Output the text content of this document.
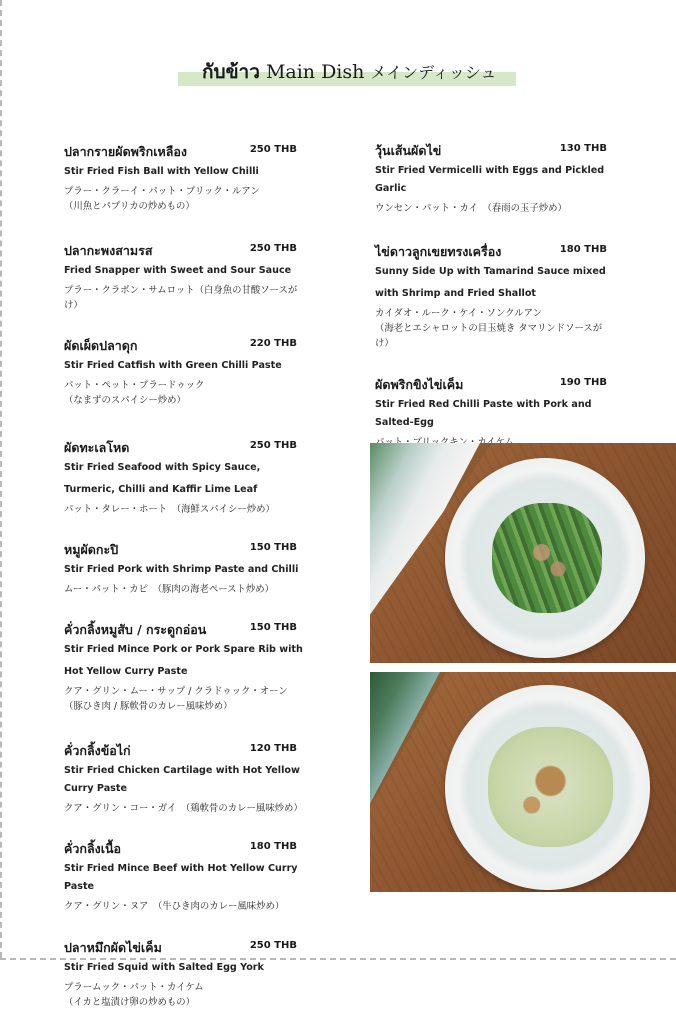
กับข้าว Main Dish メインディッシュ
ปลากรายผัดพริกเหลือง	250 THB
Stir Fried Fish Ball with Yellow Chilli
プラー・クラーイ・パット・プリック・ルアン
（川魚とパプリカの炒めもの）
ปลากะพงสามรส	250 THB
Fried Snapper with Sweet and Sour Sauce
プラー・クラポン・サムロット（白身魚の甘酸ソースがけ）
ผัดเผ็ดปลาดุก	220 THB
Stir Fried Catfish with Green Chilli Paste
パット・ペット・プラードゥック
（なまずのスパイシー炒め）
ผัดทะเลโหด	250 THB
Stir Fried Seafood with Spicy Sauce,
Turmeric, Chilli and Kaffir Lime Leaf
パット・タレー・ホート　（海鮮スパイシー炒め）
หมูผัดกะปิ	150 THB
Stir Fried Pork with Shrimp Paste and Chilli
ムー・パット・カピ　（豚肉の海老ペースト炒め）
คั่วกลิ้งหมูสับ / กระดูกอ่อน	150 THB
Stir Fried Mince Pork or Pork Spare Rib with
Hot Yellow Curry Paste
クア・グリン・ムー・サップ / クラドゥック・オーン
（豚ひき肉 / 豚軟骨のカレー風味炒め）
คั่วกลิ้งข้อไก่	120 THB
Stir Fried Chicken Cartilage with Hot Yellow Curry Paste
クア・グリン・コー・ガイ　（鶏軟骨のカレー風味炒め）
คั่วกลิ้งเนื้อ	180 THB
Stir Fried Mince Beef with Hot Yellow Curry Paste
クア・グリン・ヌア　（牛ひき肉のカレー風味炒め）
ปลาหมึกผัดไข่เค็ม	250 THB
Stir Fried Squid with Salted Egg York
プラームック・パット・カイケム
（イカと塩漬け卵の炒めもの）
วุ้นเส้นผัดไข่	130 THB
Stir Fried Vermicelli with Eggs and Pickled Garlic
ウンセン・パット・カイ　（春雨の玉子炒め）
ไข่ดาวลูกเขยทรงเครื่อง	180 THB
Sunny Side Up with Tamarind Sauce mixed
with Shrimp and Fried Shallot
カイダオ・ルーク・ケイ・ソンクルアン
（海老とエシャロットの目玉焼き タマリンドソースがけ）
ผัดพริกขิงไข่เค็ม	190 THB
Stir Fried Red Chilli Paste with Pork and Salted-Egg
